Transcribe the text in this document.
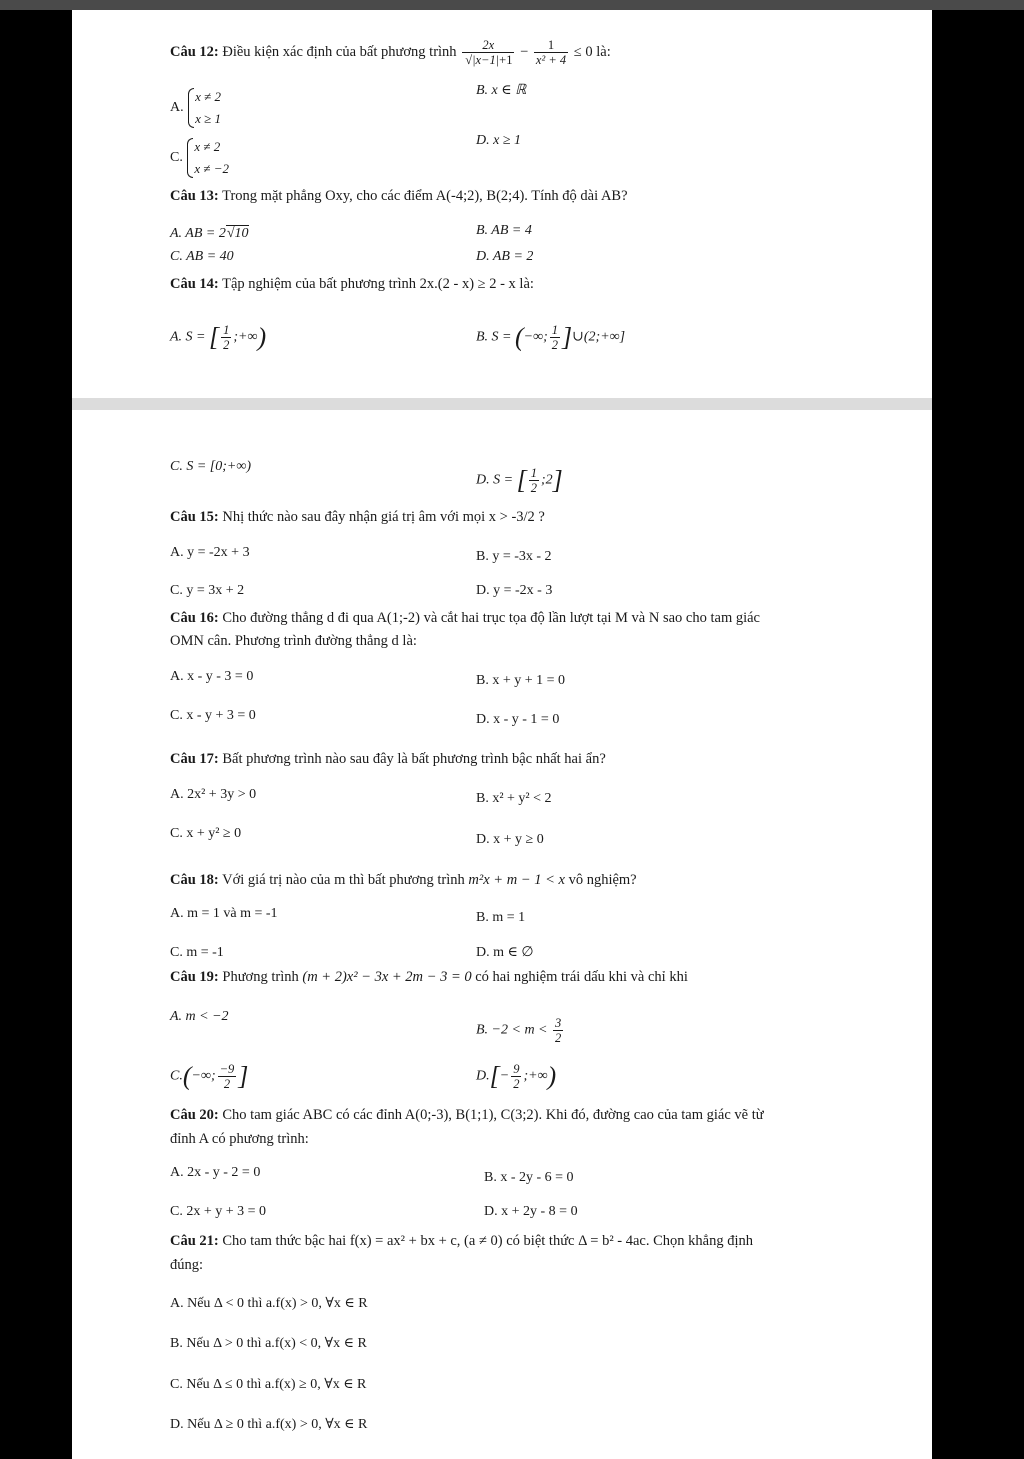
Câu 12: Điều kiện xác định của bất phương trình $\frac{2x}{√|x-1|+1} - \frac{1}{\text{x² + 4}} \le 0$ là:
A.
x ≠ 2
x ≥ 1
B. x ∈ ℝ
C.
x ≠ 2
x ≠ −2
D. x ≥ 1
Câu 13: Trong mặt phẳng Oxy, cho các điểm A(-4;2), B(2;4). Tính độ dài AB?
A. AB = 2√10	B. AB = 4
C. AB = 40	D. AB = 2
Câu 14: Tập nghiệm của bất phương trình 2x.(2 - x) ≥ 2 - x là:
A. S = [ $\frac{1}{2}$ ;+∞)	B. S = (−∞; $\frac{1}{2}$ ]∪(2;+∞]
C. S = [0;+∞)
D. S = [ $\frac{1}{2}$ ;2]
Câu 15: Nhị thức nào sau đây nhận giá trị âm với mọi x > -3/2 ?
A. y = -2x + 3	B. y = -3x - 2
C. y = 3x + 2	D. y = -2x - 3
Câu 16: Cho đường thẳng d đi qua A(1;-2) và cắt hai trục tọa độ lần lượt tại M và N sao cho tam giác
OMN cân. Phương trình đường thẳng d là:
A. x - y - 3 = 0	B. x + y + 1 = 0
C. x - y + 3 = 0	D. x - y - 1 = 0
Câu 17: Bất phương trình nào sau đây là bất phương trình bậc nhất hai ẩn?
A. 2x² + 3y > 0	B. x² + y² < 2
C. x + y² ≥ 0	D. x + y ≥ 0
Câu 18: Với giá trị nào của m thì bất phương trình m²x + m − 1 < x vô nghiệm?
A. m = 1 và m = -1	B. m = 1
C. m = -1	D. m ∈ ∅
Câu 19: Phương trình (m + 2)x² − 3x + 2m − 3 = 0 có hai nghiệm trái dấu khi và chỉ khi
A. m < −2
B. $-2 < m < \frac{3}{2}$
C.(−∞; $\frac{-9}{2}$ ]	$D.[- \frac{9}{2}$ ;+∞)
Câu 20: Cho tam giác ABC có các đỉnh A(0;-3), B(1;1), C(3;2). Khi đó, đường cao của tam giác vẽ từ
đỉnh A có phương trình:
A. 2x - y - 2 = 0	B. x - 2y - 6 = 0
C. 2x + y + 3 = 0	D. x + 2y - 8 = 0
Câu 21: Cho tam thức bậc hai f(x) = ax² + bx + c, (a ≠ 0) có biệt thức Δ = b² - 4ac. Chọn khẳng định
đúng:
A. Nếu Δ < 0 thì a.f(x) > 0, ∀x ∈ R
B. Nếu Δ > 0 thì a.f(x) < 0, ∀x ∈ R
C. Nếu Δ ≤ 0 thì a.f(x) ≥ 0, ∀x ∈ R
D. Nếu Δ ≥ 0 thì a.f(x) > 0, ∀x ∈ R
